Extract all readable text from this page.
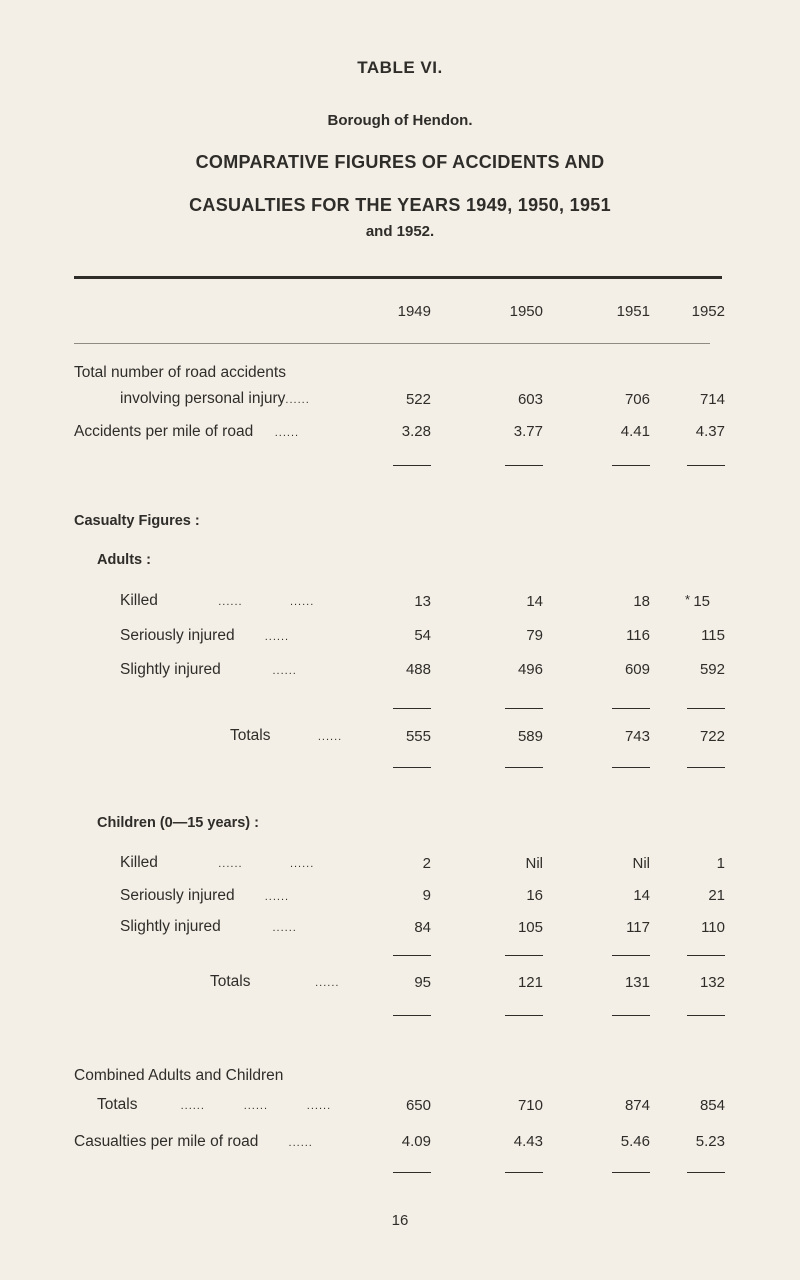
TABLE VI.
Borough of Hendon.
COMPARATIVE FIGURES OF ACCIDENTS AND
CASUALTIES FOR THE YEARS 1949, 1950, 1951
and 1952.
1949	1950	1951	1952
Total number of road accidents
involving personal injury......	522	603	706	714
Accidents per mile of road ......	3.28	3.77	4.41	4.37
Casualty Figures :
Adults :
Killed	......	......	13	14	18	* 15
Seriously injured	......	54	79	116	115
Slightly injured	......	488	496	609	592
Totals	......	555	589	743	722
Children (0—15 years) :
Killed	......	......	2	Nil	Nil	1
Seriously injured	......	9	16	14	21
Slightly injured	......	84	105	117	110
Totals	......	95	121	131	132
Combined Adults and Children
Totals	......	......	......	650	710	874	854
Casualties per mile of road	......	4.09	4.43	5.46	5.23
16
